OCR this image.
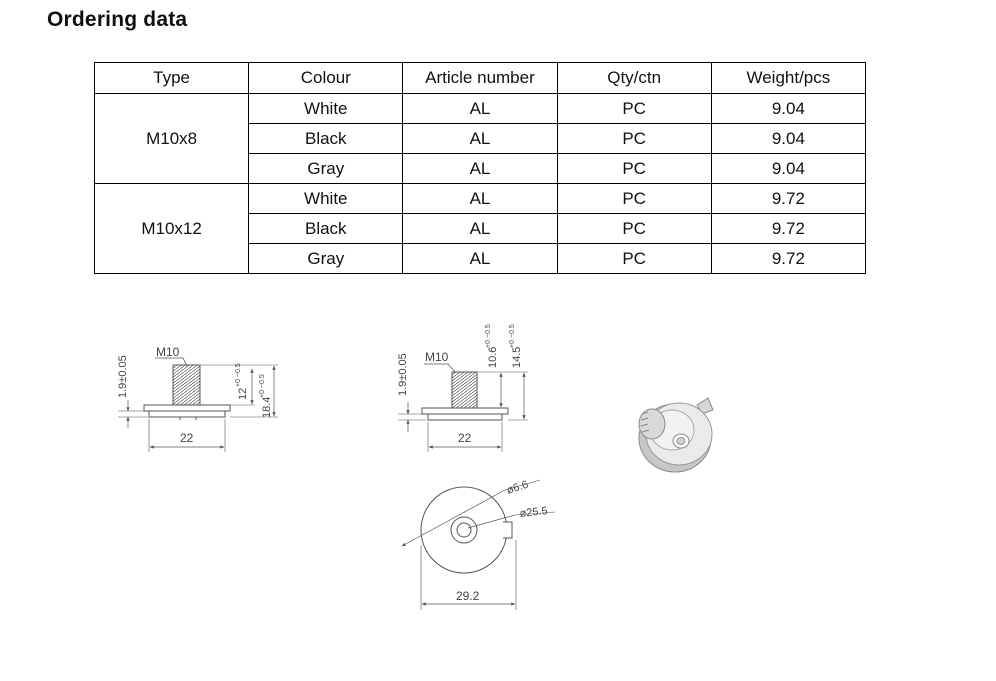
Ordering data
Type	Colour	Article number	Qty/ctn	Weight/pcs
M10x8	White	AL	PC	9.04
	Black	AL	PC	9.04
	Gray	AL	PC	9.04
M10x12	White	AL	PC	9.72
	Black	AL	PC	9.72
	Gray	AL	PC	9.72
M10
1.9±0.05	12
+0 −0.5
18.4
+0 −0.5
22
M10
1.9±0.05	10.6
+0 −0.5
14.5
+0 −0.5
22
ø6.6
ø25.5
29.2
